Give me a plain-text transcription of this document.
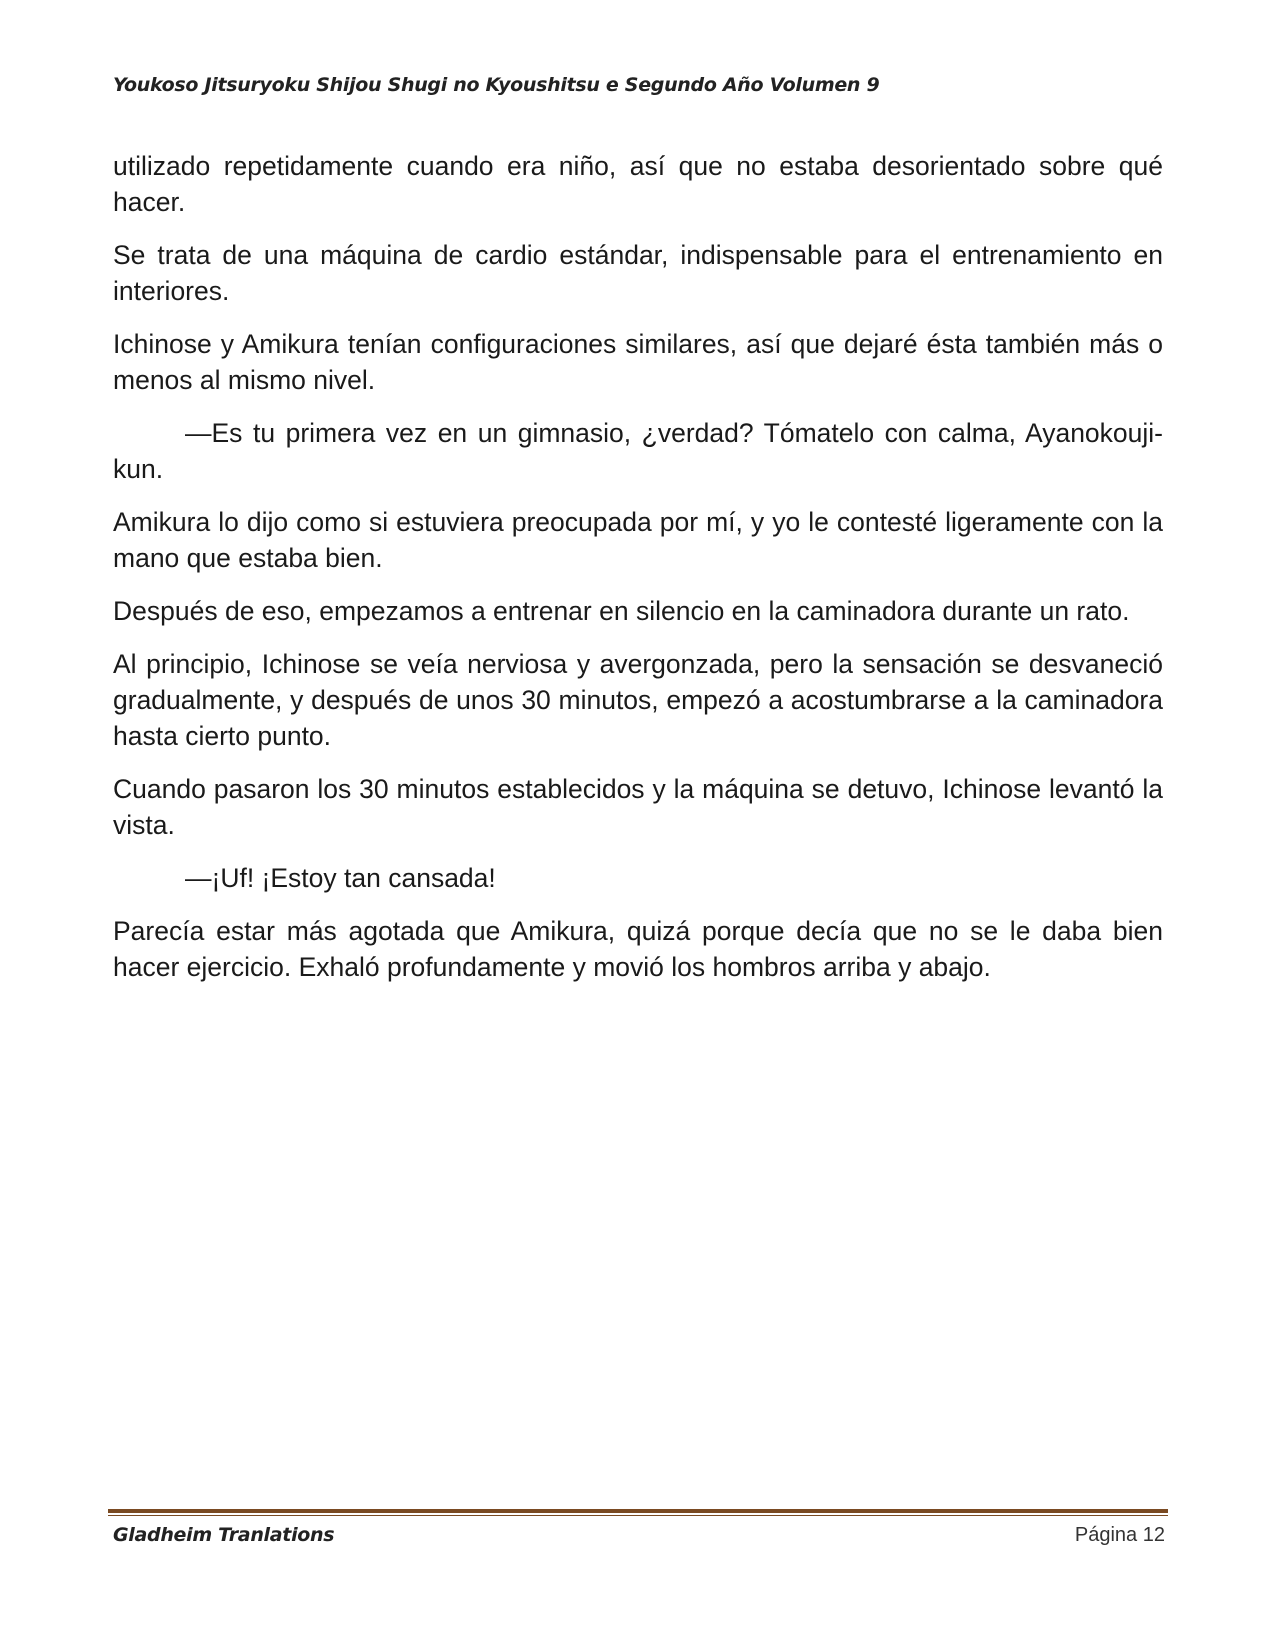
Youkoso Jitsuryoku Shijou Shugi no Kyoushitsu e Segundo Año Volumen 9

utilizado repetidamente cuando era niño, así que no estaba desorientado sobre qué hacer.

Se trata de una máquina de cardio estándar, indispensable para el entrenamiento en interiores.

Ichinose y Amikura tenían configuraciones similares, así que dejaré ésta también más o menos al mismo nivel.

—Es tu primera vez en un gimnasio, ¿verdad? Tómatelo con calma, Ayanokouji-kun.

Amikura lo dijo como si estuviera preocupada por mí, y yo le contesté ligeramente con la mano que estaba bien.

Después de eso, empezamos a entrenar en silencio en la caminadora durante un rato.

Al principio, Ichinose se veía nerviosa y avergonzada, pero la sensación se desvaneció gradualmente, y después de unos 30 minutos, empezó a acostumbrarse a la caminadora hasta cierto punto.

Cuando pasaron los 30 minutos establecidos y la máquina se detuvo, Ichinose levantó la vista.

—¡Uf! ¡Estoy tan cansada!

Parecía estar más agotada que Amikura, quizá porque decía que no se le daba bien hacer ejercicio. Exhaló profundamente y movió los hombros arriba y abajo.

Gladheim Tranlations	Página 12
